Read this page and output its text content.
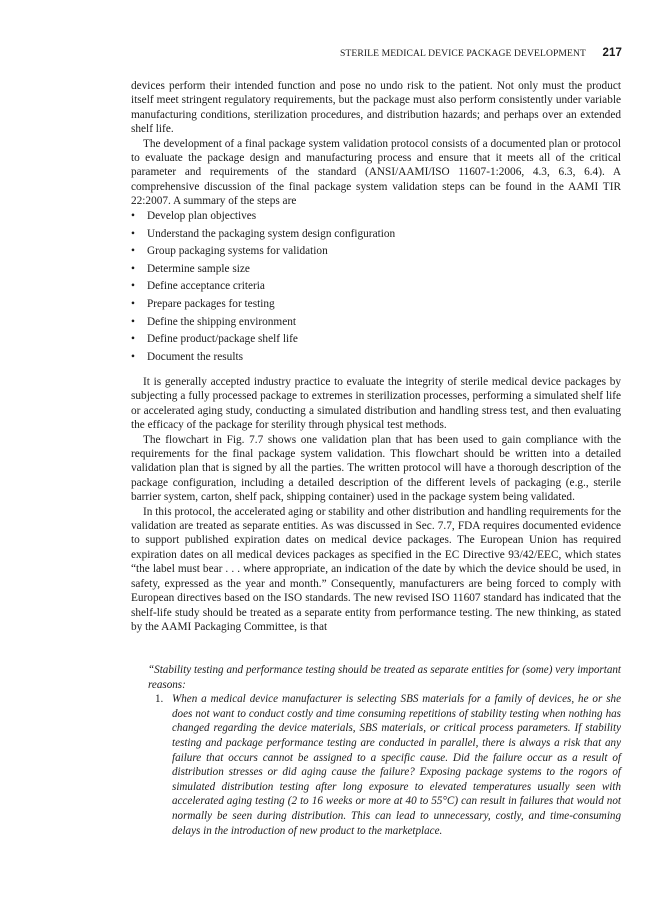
STERILE MEDICAL DEVICE PACKAGE DEVELOPMENT 217

devices perform their intended function and pose no undo risk to the patient. Not only must the product itself meet stringent regulatory requirements, but the package must also perform consistently under variable manufacturing conditions, sterilization procedures, and distribution hazards; and perhaps over an extended shelf life.

The development of a final package system validation protocol consists of a documented plan or protocol to evaluate the package design and manufacturing process and ensure that it meets all of the critical parameter and requirements of the standard (ANSI/AAMI/ISO 11607-1:2006, 4.3, 6.3, 6.4). A comprehensive discussion of the final package system validation steps can be found in the AAMI TIR 22:2007. A summary of the steps are

• Develop plan objectives
• Understand the packaging system design configuration
• Group packaging systems for validation
• Determine sample size
• Define acceptance criteria
• Prepare packages for testing
• Define the shipping environment
• Define product/package shelf life
• Document the results

It is generally accepted industry practice to evaluate the integrity of sterile medical device packages by subjecting a fully processed package to extremes in sterilization processes, performing a simulated shelf life or accelerated aging study, conducting a simulated distribution and handling stress test, and then evaluating the efficacy of the package for sterility through physical test methods.

The flowchart in Fig. 7.7 shows one validation plan that has been used to gain compliance with the requirements for the final package system validation. This flowchart should be written into a detailed validation plan that is signed by all the parties. The written protocol will have a thorough description of the package configuration, including a detailed description of the different levels of packaging (e.g., sterile barrier system, carton, shelf pack, shipping container) used in the package system being validated.

In this protocol, the accelerated aging or stability and other distribution and handling requirements for the validation are treated as separate entities. As was discussed in Sec. 7.7, FDA requires documented evidence to support published expiration dates on medical device packages. The European Union has required expiration dates on all medical devices packages as specified in the EC Directive 93/42/EEC, which states “the label must bear . . . where appropriate, an indication of the date by which the device should be used, in safety, expressed as the year and month.” Consequently, manufacturers are being forced to comply with European directives based on the ISO standards. The new revised ISO 11607 standard has indicated that the shelf-life study should be treated as a separate entity from performance testing. The new thinking, as stated by the AAMI Packaging Committee, is that

“Stability testing and performance testing should be treated as separate entities for (some) very important reasons:

1. When a medical device manufacturer is selecting SBS materials for a family of devices, he or she does not want to conduct costly and time consuming repetitions of stability testing when nothing has changed regarding the device materials, SBS materials, or critical process parameters. If stability testing and package performance testing are conducted in parallel, there is always a risk that any failure that occurs cannot be assigned to a specific cause. Did the failure occur as a result of distribution stresses or did aging cause the failure? Exposing package systems to the rogors of simulated distribution testing after long exposure to elevated temperatures usually seen with accelerated aging testing (2 to 16 weeks or more at 40 to 55°C) can result in failures that would not normally be seen during distribution. This can lead to unnecessary, costly, and time-consuming delays in the introduction of new product to the marketplace.
